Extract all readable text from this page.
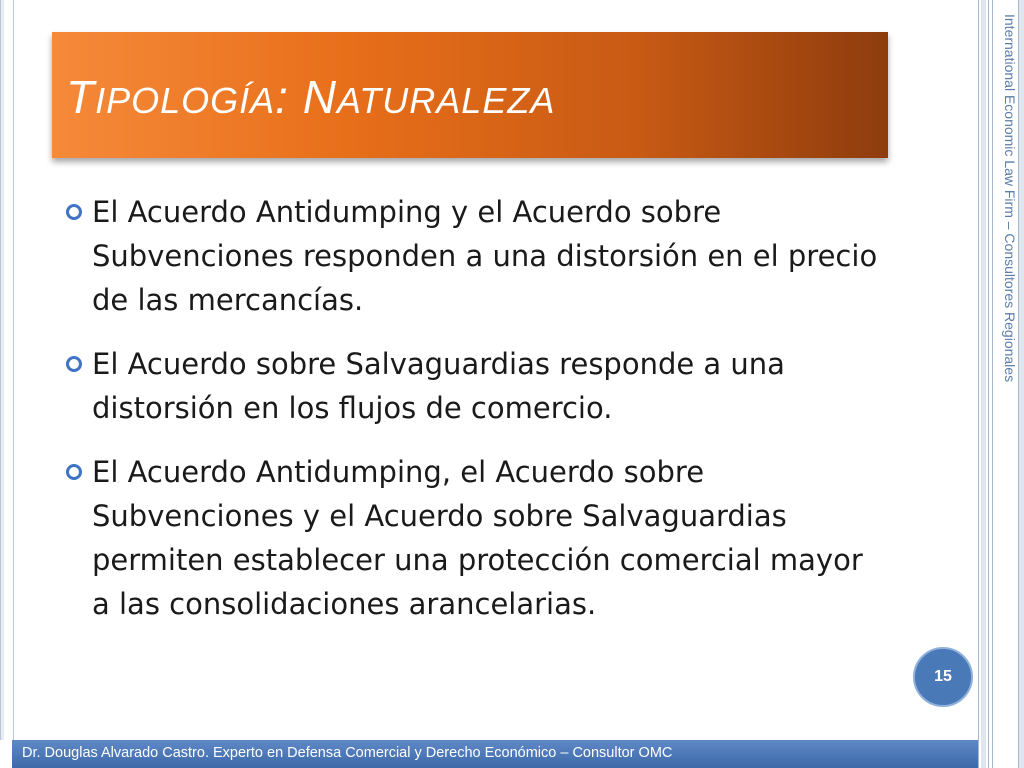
International Economic Law Firm – Consultores Regionales
TIPOLOGÍA: NATURALEZA
El Acuerdo Antidumping y el Acuerdo sobre Subvenciones responden a una distorsión en el precio de las mercancías.
El Acuerdo sobre Salvaguardias responde a una distorsión en los flujos de comercio.
El Acuerdo Antidumping, el Acuerdo sobre Subvenciones y el Acuerdo sobre Salvaguardias permiten establecer una protección comercial mayor a las consolidaciones arancelarias.
15
Dr. Douglas Alvarado Castro. Experto en Defensa Comercial y Derecho Económico – Consultor OMC
